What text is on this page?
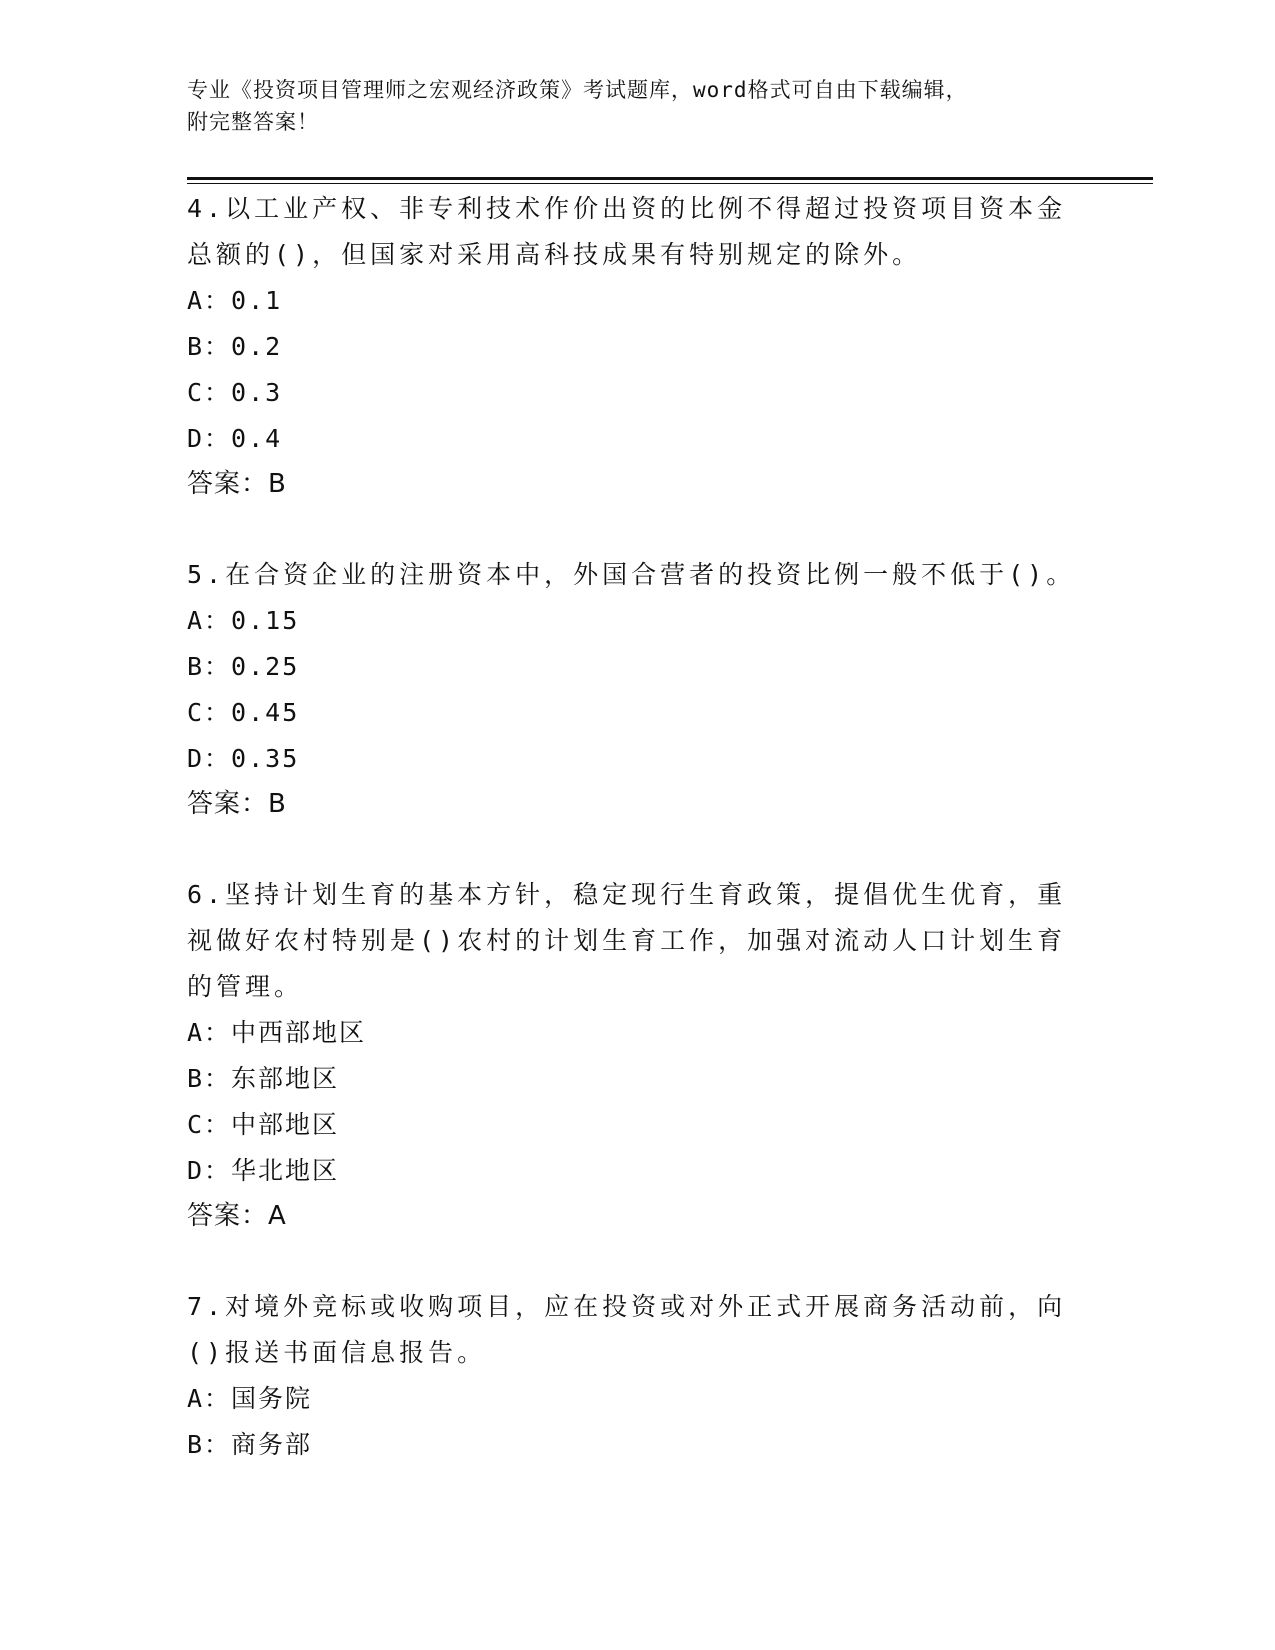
专业《投资项目管理师之宏观经济政策》考试题库，word格式可自由下载编辑，
附完整答案！

4.以工业产权、非专利技术作价出资的比例不得超过投资项目资本金

总额的()，但国家对采用高科技成果有特别规定的除外。

A：0.1

B：0.2

C：0.3

D：0.4

答案：B

5.在合资企业的注册资本中，外国合营者的投资比例一般不低于()。

A：0.15

B：0.25

C：0.45

D：0.35

答案：B

6.坚持计划生育的基本方针，稳定现行生育政策，提倡优生优育，重

视做好农村特别是()农村的计划生育工作，加强对流动人口计划生育

的管理。

A：中西部地区

B：东部地区

C：中部地区

D：华北地区

答案：A

7.对境外竞标或收购项目，应在投资或对外正式开展商务活动前，向

()报送书面信息报告。

A：国务院

B：商务部
